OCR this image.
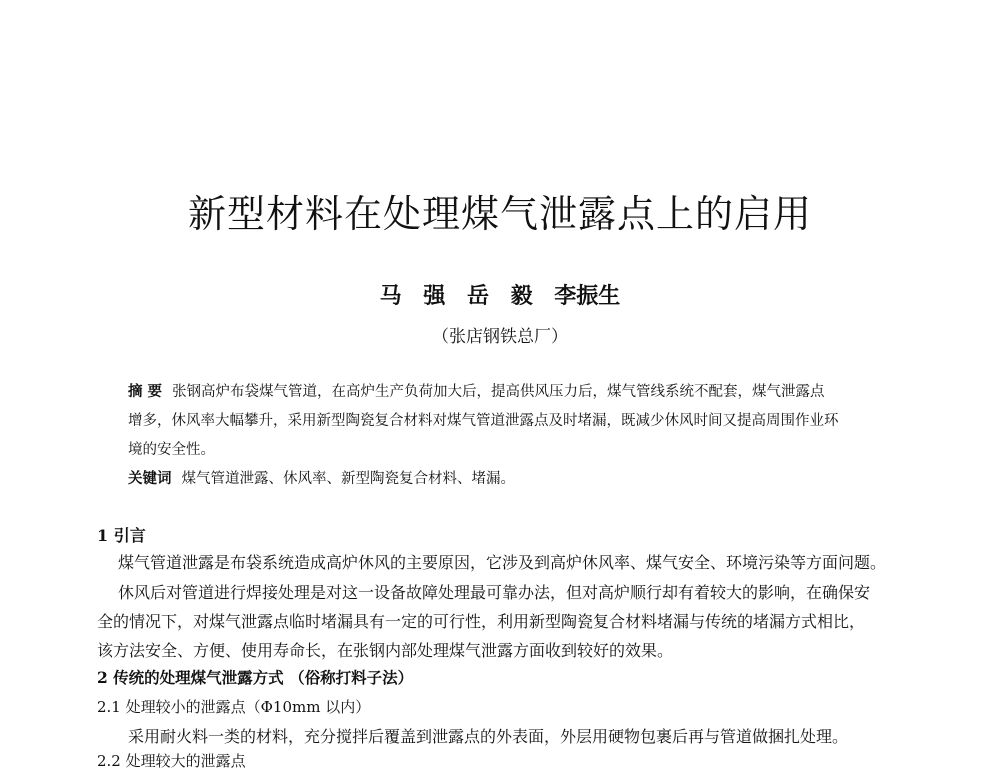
新型材料在处理煤气泄露点上的启用
马 强 岳 毅 李振生
（张店钢铁总厂）
摘 要 张钢高炉布袋煤气管道，在高炉生产负荷加大后，提高供风压力后，煤气管线系统不配套，煤气泄露点
增多，休风率大幅攀升，采用新型陶瓷复合材料对煤气管道泄露点及时堵漏，既减少休风时间又提高周围作业环
境的安全性。
关键词 煤气管道泄露、休风率、新型陶瓷复合材料、堵漏。
1 引言
煤气管道泄露是布袋系统造成高炉休风的主要原因，它涉及到高炉休风率、煤气安全、环境污染等方面问题。
休风后对管道进行焊接处理是对这一设备故障处理最可靠办法，但对高炉顺行却有着较大的影响，在确保安
全的情况下，对煤气泄露点临时堵漏具有一定的可行性，利用新型陶瓷复合材料堵漏与传统的堵漏方式相比，
该方法安全、方便、使用寿命长，在张钢内部处理煤气泄露方面收到较好的效果。
2 传统的处理煤气泄露方式 （俗称打料子法）
2.1 处理较小的泄露点（Φ10mm 以内）
采用耐火料一类的材料，充分搅拌后覆盖到泄露点的外表面，外层用硬物包裹后再与管道做捆扎处理。
2.2 处理较大的泄露点
